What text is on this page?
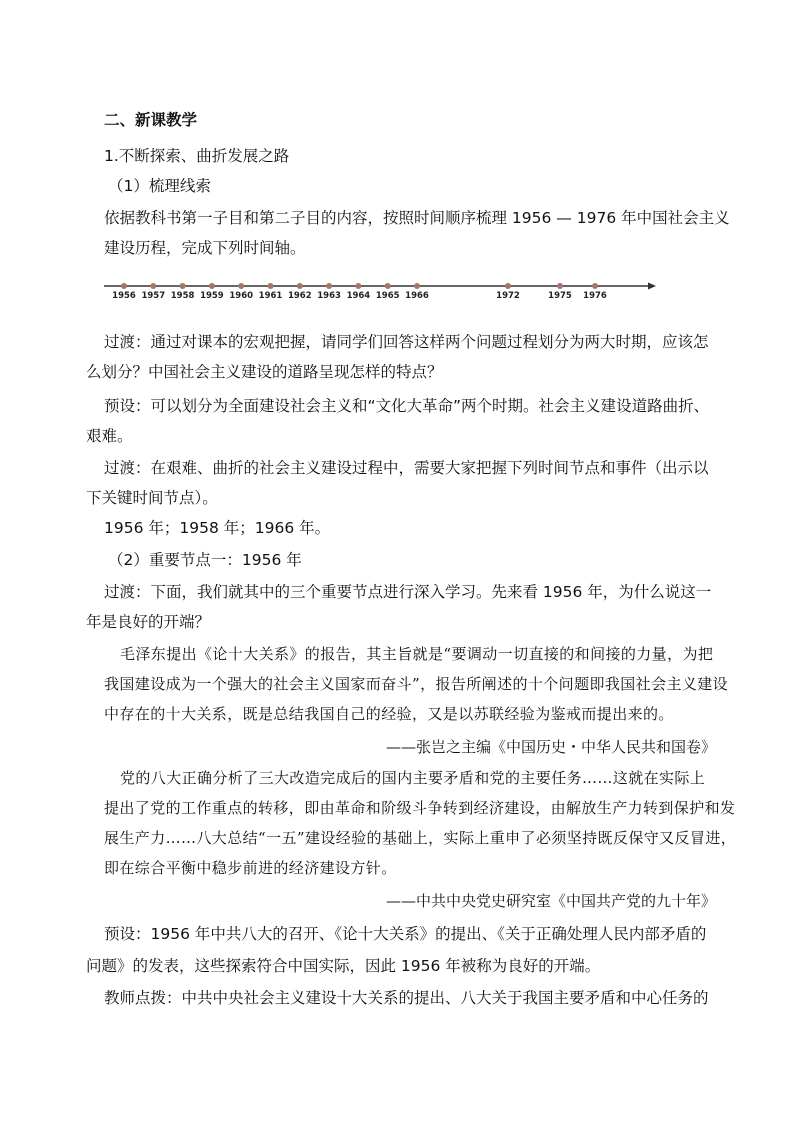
二、新课教学
1.不断探索、曲折发展之路
（1）梳理线索
依据教科书第一子目和第二子目的内容，按照时间顺序梳理 1956 — 1976 年中国社会主义
建设历程，完成下列时间轴。
1956 1957 1958 1959 1960 1961 1962 1963 1964 1965 1966	1972	1975 1976
过渡：通过对课本的宏观把握，请同学们回答这样两个问题过程划分为两大时期，应该怎
么划分？中国社会主义建设的道路呈现怎样的特点？
预设：可以划分为全面建设社会主义和“文化大革命”两个时期。社会主义建设道路曲折、
艰难。
过渡：在艰难、曲折的社会主义建设过程中，需要大家把握下列时间节点和事件（出示以
下关键时间节点）。
1956 年；1958 年；1966 年。
（2）重要节点一：1956 年
过渡：下面，我们就其中的三个重要节点进行深入学习。先来看 1956 年，为什么说这一
年是良好的开端？
毛泽东提出《论十大关系》的报告，其主旨就是“要调动一切直接的和间接的力量，为把
我国建设成为一个强大的社会主义国家而奋斗”，报告所阐述的十个问题即我国社会主义建设
中存在的十大关系，既是总结我国自己的经验，又是以苏联经验为鉴戒而提出来的。
——张岂之主编《中国历史・中华人民共和国卷》
党的八大正确分析了三大改造完成后的国内主要矛盾和党的主要任务……这就在实际上
提出了党的工作重点的转移，即由革命和阶级斗争转到经济建设，由解放生产力转到保护和发
展生产力……八大总结“一五”建设经验的基础上，实际上重申了必须坚持既反保守又反冒进，
即在综合平衡中稳步前进的经济建设方针。
——中共中央党史研究室《中国共产党的九十年》
预设：1956 年中共八大的召开、《论十大关系》的提出、《关于正确处理人民内部矛盾的
问题》的发表，这些探索符合中国实际，因此 1956 年被称为良好的开端。
教师点拨：中共中央社会主义建设十大关系的提出、八大关于我国主要矛盾和中心任务的
